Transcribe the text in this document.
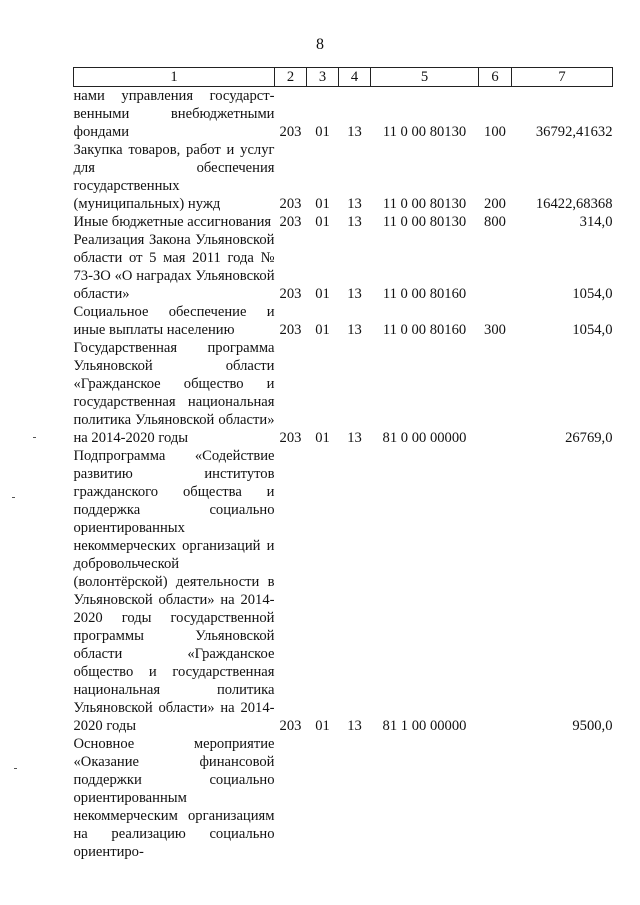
8
1	2	3	4	5	6	7
нами управления государст-венными внебюджетными фондами	203	01	13	11 0 00 80130	100	36792,41632
Закупка товаров, работ и услуг для обеспечения государственных (муниципальных) нужд	203	01	13	11 0 00 80130	200	16422,68368
Иные бюджетные ассигнования	203	01	13	11 0 00 80130	800	314,0
Реализация Закона Ульяновской области от 5 мая 2011 года № 73-ЗО «О наградах Ульяновской области»	203	01	13	11 0 00 80160		1054,0
Социальное обеспечение и иные выплаты населению	203	01	13	11 0 00 80160	300	1054,0
Государственная программа Ульяновской области «Гражданское общество и государственная национальная политика Ульяновской области» на 2014-2020 годы	203	01	13	81 0 00 00000		26769,0
Подпрограмма «Содействие развитию институтов гражданского общества и поддержка социально ориентированных некоммерческих организаций и добровольческой (волонтёрской) деятельности в Ульяновской области» на 2014-2020 годы государственной программы Ульяновской области «Гражданское общество и государственная национальная политика Ульяновской области» на 2014-2020 годы	203	01	13	81 1 00 00000		9500,0
Основное мероприятие «Оказание финансовой поддержки социально ориентированным некоммерческим организациям на реализацию социально ориентиро-						
